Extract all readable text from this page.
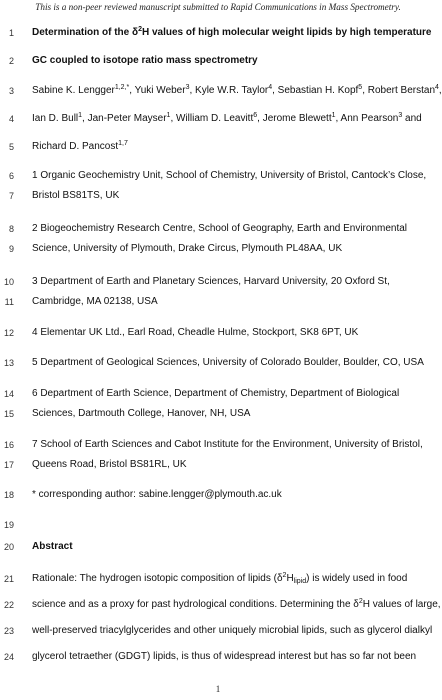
This is a non-peer reviewed manuscript submitted to Rapid Communications in Mass Spectrometry.
1 Determination of the $\delta^2H$ values of high molecular weight lipids by high temperature
2 GC coupled to isotope ratio mass spectrometry
3 Sabine K. Lengger$^{1,2,*}$, Yuki Weber$^3$, Kyle W.R. Taylor$^4$, Sebastian H. Kopf$^5$, Robert Berstan$^4$,
4 Ian D. Bull$^1$, Jan-Peter Mayser$^1$, William D. Leavitt$^6$, Jerome Blewett$^1$, Ann Pearson$^3$ and
5 Richard D. Pancost$^{1,7}$
6 1 Organic Geochemistry Unit, School of Chemistry, University of Bristol, Cantock’s Close,
7 Bristol BS81TS, UK
8 2 Biogeochemistry Research Centre, School of Geography, Earth and Environmental
9 Science, University of Plymouth, Drake Circus, Plymouth PL48AA, UK
10 3 Department of Earth and Planetary Sciences, Harvard University, 20 Oxford St,
11 Cambridge, MA 02138, USA
12 4 Elementar UK Ltd., Earl Road, Cheadle Hulme, Stockport, SK8 6PT, UK
13 5 Department of Geological Sciences, University of Colorado Boulder, Boulder, CO, USA
14 6 Department of Earth Science, Department of Chemistry, Department of Biological
15 Sciences, Dartmouth College, Hanover, NH, USA
16 7 School of Earth Sciences and Cabot Institute for the Environment, University of Bristol,
17 Queens Road, Bristol BS81RL, UK
18 * corresponding author: sabine.lengger@plymouth.ac.uk
19
20 Abstract
21 Rationale: The hydrogen isotopic composition of lipids $(\delta^2H_{lipid})$ is widely used in food
22 science and as a proxy for past hydrological conditions. Determining the $\delta^2H$ values of large,
23 well-preserved triacylglycerides and other uniquely microbial lipids, such as glycerol dialkyl
24 glycerol tetraether (GDGT) lipids, is thus of widespread interest but has so far not been
1
